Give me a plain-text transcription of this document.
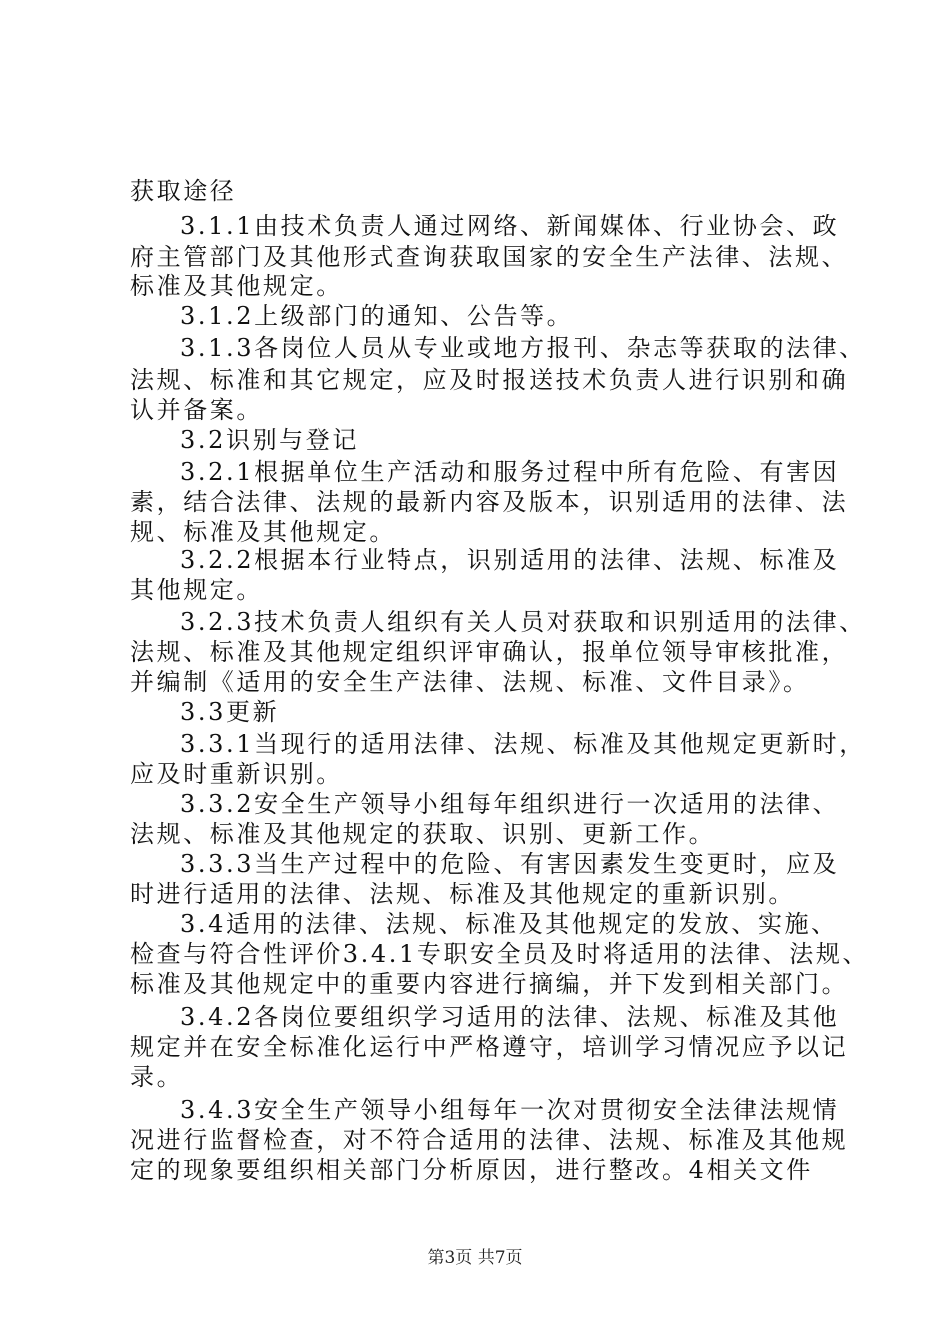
获取途径
3.1.1由技术负责人通过网络、新闻媒体、行业协会、政
府主管部门及其他形式查询获取国家的安全生产法律、法规、
标准及其他规定。
3.1.2上级部门的通知、公告等。
3.1.3各岗位人员从专业或地方报刊、杂志等获取的法律、
法规、标准和其它规定，应及时报送技术负责人进行识别和确
认并备案。
3.2识别与登记
3.2.1根据单位生产活动和服务过程中所有危险、有害因
素，结合法律、法规的最新内容及版本，识别适用的法律、法
规、标准及其他规定。
3.2.2根据本行业特点，识别适用的法律、法规、标准及
其他规定。
3.2.3技术负责人组织有关人员对获取和识别适用的法律、
法规、标准及其他规定组织评审确认，报单位领导审核批准，
并编制《适用的安全生产法律、法规、标准、文件目录》。
3.3更新
3.3.1当现行的适用法律、法规、标准及其他规定更新时，
应及时重新识别。
3.3.2安全生产领导小组每年组织进行一次适用的法律、
法规、标准及其他规定的获取、识别、更新工作。
3.3.3当生产过程中的危险、有害因素发生变更时，应及
时进行适用的法律、法规、标准及其他规定的重新识别。
3.4适用的法律、法规、标准及其他规定的发放、实施、
检查与符合性评价3.4.1专职安全员及时将适用的法律、法规、
标准及其他规定中的重要内容进行摘编，并下发到相关部门。
3.4.2各岗位要组织学习适用的法律、法规、标准及其他
规定并在安全标准化运行中严格遵守，培训学习情况应予以记
录。
3.4.3安全生产领导小组每年一次对贯彻安全法律法规情
况进行监督检查，对不符合适用的法律、法规、标准及其他规
定的现象要组织相关部门分析原因，进行整改。4相关文件
第3页 共7页
